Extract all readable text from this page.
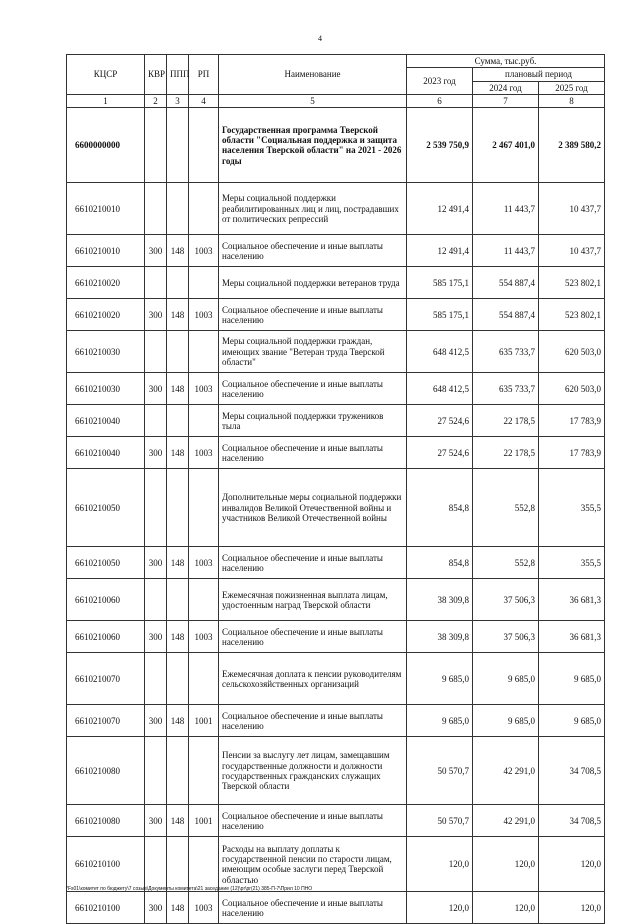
4
КЦСР	КВР	ППП	РП	Наименование	Сумма, тыс.руб.		
					2023 год	плановый период	
						2024 год	2025 год
1	2	3	4	5	6	7	8
6600000000				Государственная программа Тверской области "Социальная поддержка и защита населения Тверской области" на 2021 - 2026 годы	2 539 750,9	2 467 401,0	2 389 580,2
6610210010				Меры социальной поддержки реабилитированных лиц и лиц, пострадавших от политических репрессий	12 491,4	11 443,7	10 437,7
6610210010	300	148	1003	Социальное обеспечение и иные выплаты населению	12 491,4	11 443,7	10 437,7
6610210020				Меры социальной поддержки ветеранов труда	585 175,1	554 887,4	523 802,1
6610210020	300	148	1003	Социальное обеспечение и иные выплаты населению	585 175,1	554 887,4	523 802,1
6610210030				Меры социальной поддержки граждан, имеющих звание "Ветеран труда Тверской области"	648 412,5	635 733,7	620 503,0
6610210030	300	148	1003	Социальное обеспечение и иные выплаты населению	648 412,5	635 733,7	620 503,0
6610210040				Меры социальной поддержки тружеников тыла	27 524,6	22 178,5	17 783,9
6610210040	300	148	1003	Социальное обеспечение и иные выплаты населению	27 524,6	22 178,5	17 783,9
6610210050				Дополнительные меры социальной поддержки инвалидов Великой Отечественной войны и участников Великой Отечественной войны	854,8	552,8	355,5
6610210050	300	148	1003	Социальное обеспечение и иные выплаты населению	854,8	552,8	355,5
6610210060				Ежемесячная пожизненная выплата лицам, удостоенным наград Тверской области	38 309,8	37 506,3	36 681,3
6610210060	300	148	1003	Социальное обеспечение и иные выплаты населению	38 309,8	37 506,3	36 681,3
6610210070				Ежемесячная доплата к пенсии руководителям сельскохозяйственных организаций	9 685,0	9 685,0	9 685,0
6610210070	300	148	1001	Социальное обеспечение и иные выплаты населению	9 685,0	9 685,0	9 685,0
6610210080				Пенсии за выслугу лет лицам, замещавшим государственные должности и должности государственных гражданских служащих Тверской области	50 570,7	42 291,0	34 708,5
6610210080	300	148	1001	Социальное обеспечение и иные выплаты населению	50 570,7	42 291,0	34 708,5
6610210100				Расходы на выплату доплаты к государственной пенсии по старости лицам, имеющим особые заслуги перед Тверской областью	120,0	120,0	120,0
6610210100	300	148	1003	Социальное обеспечение и иные выплаты населению	120,0	120,0	120,0
*Fs01\комитет по бюджету\7 созыв\Документы комитета\21 заседание (12)\pr\pr(21) 385-П-7\Прил 10 ПНО
